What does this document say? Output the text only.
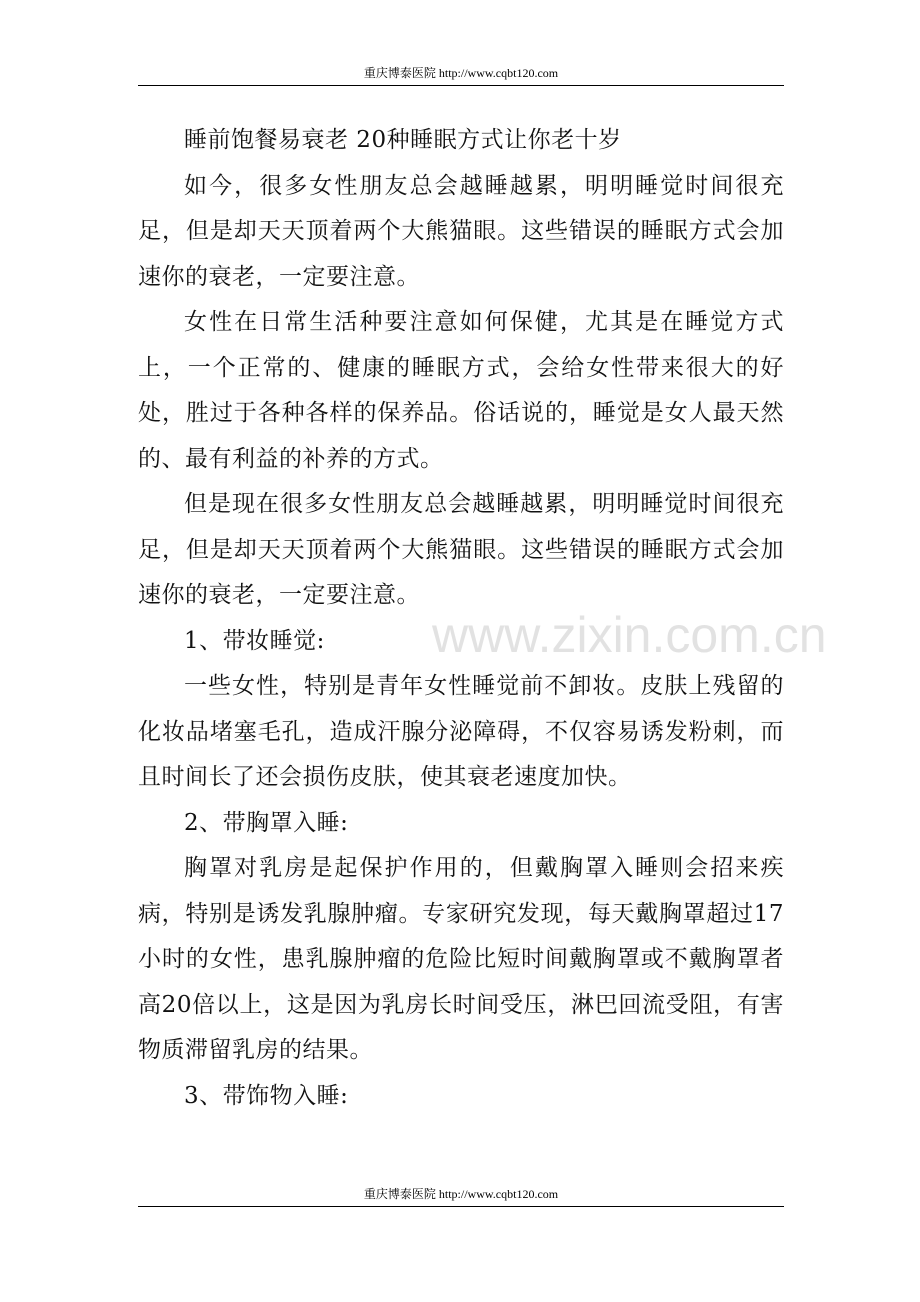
重庆博泰医院 http://www.cqbt120.com

睡前饱餐易衰老 20种睡眠方式让你老十岁

如今，很多女性朋友总会越睡越累，明明睡觉时间很充足，但是却天天顶着两个大熊猫眼。这些错误的睡眠方式会加速你的衰老，一定要注意。

女性在日常生活种要注意如何保健，尤其是在睡觉方式上，一个正常的、健康的睡眠方式，会给女性带来很大的好处，胜过于各种各样的保养品。俗话说的，睡觉是女人最天然的、最有利益的补养的方式。

但是现在很多女性朋友总会越睡越累，明明睡觉时间很充足，但是却天天顶着两个大熊猫眼。这些错误的睡眠方式会加速你的衰老，一定要注意。

1、带妆睡觉:

一些女性，特别是青年女性睡觉前不卸妆。皮肤上残留的化妆品堵塞毛孔，造成汗腺分泌障碍，不仅容易诱发粉刺，而且时间长了还会损伤皮肤，使其衰老速度加快。

2、带胸罩入睡:

胸罩对乳房是起保护作用的，但戴胸罩入睡则会招来疾病，特别是诱发乳腺肿瘤。专家研究发现，每天戴胸罩超过17小时的女性，患乳腺肿瘤的危险比短时间戴胸罩或不戴胸罩者高20倍以上，这是因为乳房长时间受压，淋巴回流受阻，有害物质滞留乳房的结果。

3、带饰物入睡:

www.zixin.com.cn
重庆博泰医院 http://www.cqbt120.com
